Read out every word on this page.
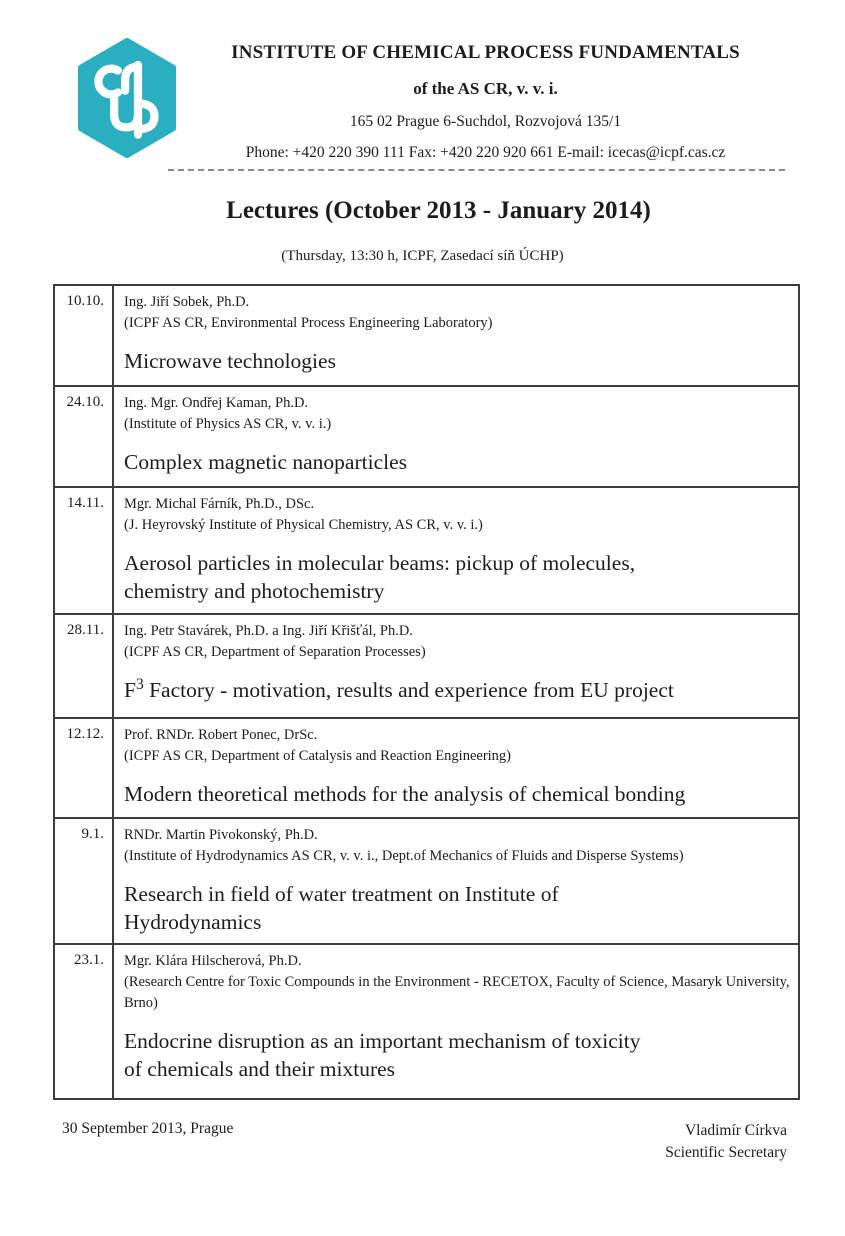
INSTITUTE OF CHEMICAL PROCESS FUNDAMENTALS
of the AS CR, v. v. i.
165 02 Prague 6-Suchdol, Rozvojová 135/1
Phone: +420 220 390 111 Fax: +420 220 920 661 E-mail: icecas@icpf.cas.cz
Lectures (October 2013 - January 2014)
(Thursday, 13:30 h, ICPF, Zasedací síň ÚCHP)
10.10.	Ing. Jiří Sobek, Ph.D.
(ICPF AS CR, Environmental Process Engineering Laboratory)
Microwave technologies
24.10.	Ing. Mgr. Ondřej Kaman, Ph.D.
(Institute of Physics AS CR, v. v. i.)
Complex magnetic nanoparticles
14.11.	Mgr. Michal Fárník, Ph.D., DSc.
(J. Heyrovský Institute of Physical Chemistry, AS CR, v. v. i.)
Aerosol particles in molecular beams: pickup of molecules,
chemistry and photochemistry
28.11.	Ing. Petr Stavárek, Ph.D. a Ing. Jiří Křišťál, Ph.D.
(ICPF AS CR, Department of Separation Processes)
$F^3$ Factory - motivation, results and experience from EU project
12.12.	Prof. RNDr. Robert Ponec, DrSc.
(ICPF AS CR, Department of Catalysis and Reaction Engineering)
Modern theoretical methods for the analysis of chemical bonding
9.1.	RNDr. Martin Pivokonský, Ph.D.
(Institute of Hydrodynamics AS CR, v. v. i., Dept.of Mechanics of Fluids and Disperse Systems)
Research in field of water treatment on Institute of
Hydrodynamics
23.1.	Mgr. Klára Hilscherová, Ph.D.
(Research Centre for Toxic Compounds in the Environment - RECETOX, Faculty of Science, Masaryk University, Brno)
Endocrine disruption as an important mechanism of toxicity
of chemicals and their mixtures
30 September 2013, Prague	Vladimír Církva
Scientific Secretary
